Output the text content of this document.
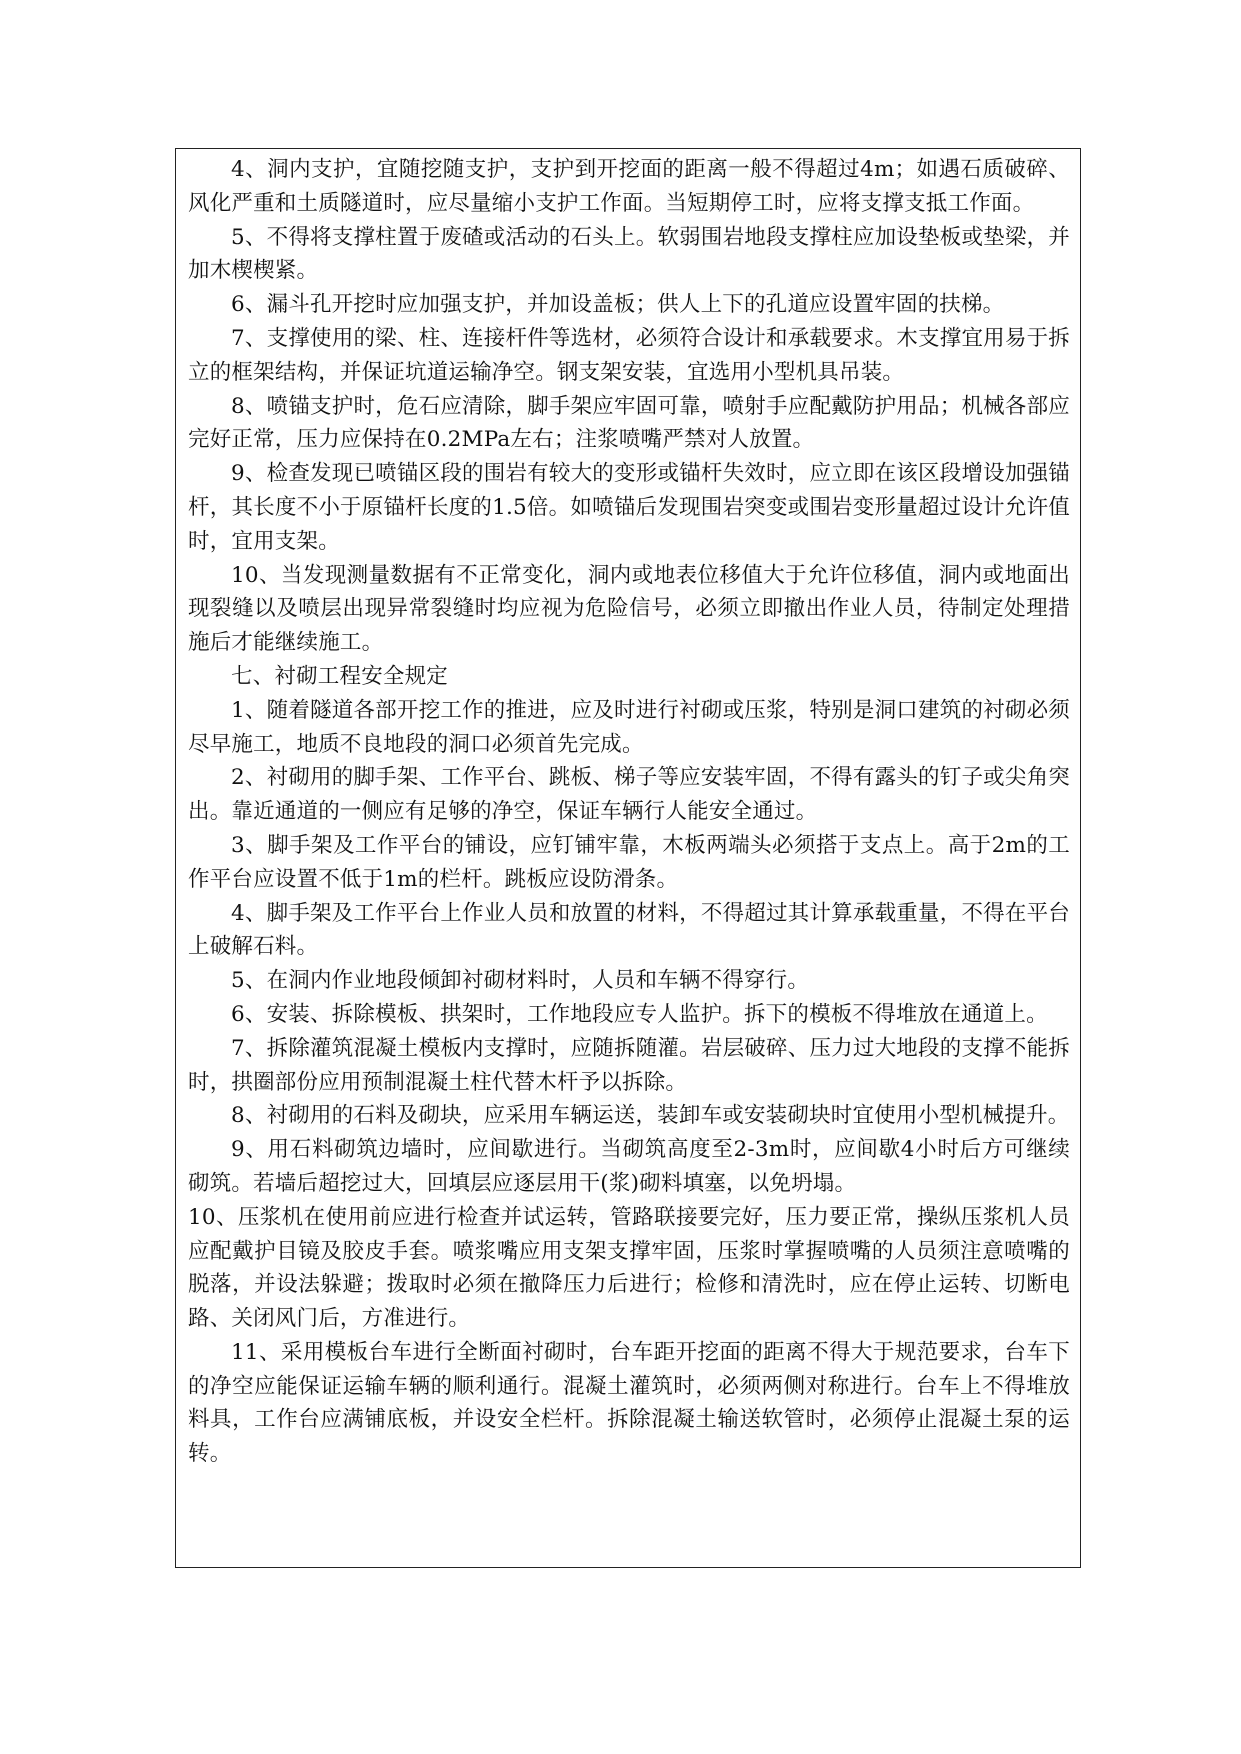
4、洞内支护，宜随挖随支护，支护到开挖面的距离一般不得超过4m；如遇石质破碎、风化严重和土质隧道时，应尽量缩小支护工作面。当短期停工时，应将支撑支抵工作面。

5、不得将支撑柱置于废碴或活动的石头上。软弱围岩地段支撑柱应加设垫板或垫梁，并加木楔楔紧。

6、漏斗孔开挖时应加强支护，并加设盖板；供人上下的孔道应设置牢固的扶梯。

7、支撑使用的梁、柱、连接杆件等选材，必须符合设计和承载要求。木支撑宜用易于拆立的框架结构，并保证坑道运输净空。钢支架安装，宜选用小型机具吊装。

8、喷锚支护时，危石应清除，脚手架应牢固可靠，喷射手应配戴防护用品；机械各部应完好正常，压力应保持在0.2MPa左右；注浆喷嘴严禁对人放置。

9、检查发现已喷锚区段的围岩有较大的变形或锚杆失效时，应立即在该区段增设加强锚杆，其长度不小于原锚杆长度的1.5倍。如喷锚后发现围岩突变或围岩变形量超过设计允许值时，宜用支架。

10、当发现测量数据有不正常变化，洞内或地表位移值大于允许位移值，洞内或地面出现裂缝以及喷层出现异常裂缝时均应视为危险信号，必须立即撤出作业人员，待制定处理措施后才能继续施工。

七、衬砌工程安全规定

1、随着隧道各部开挖工作的推进，应及时进行衬砌或压浆，特别是洞口建筑的衬砌必须尽早施工，地质不良地段的洞口必须首先完成。

2、衬砌用的脚手架、工作平台、跳板、梯子等应安装牢固，不得有露头的钉子或尖角突出。靠近通道的一侧应有足够的净空，保证车辆行人能安全通过。

3、脚手架及工作平台的铺设，应钉铺牢靠，木板两端头必须搭于支点上。高于2m的工作平台应设置不低于1m的栏杆。跳板应设防滑条。

4、脚手架及工作平台上作业人员和放置的材料，不得超过其计算承载重量，不得在平台上破解石料。

5、在洞内作业地段倾卸衬砌材料时，人员和车辆不得穿行。

6、安装、拆除模板、拱架时，工作地段应专人监护。拆下的模板不得堆放在通道上。

7、拆除灌筑混凝土模板内支撑时，应随拆随灌。岩层破碎、压力过大地段的支撑不能拆时，拱圈部份应用预制混凝土柱代替木杆予以拆除。

8、衬砌用的石料及砌块，应采用车辆运送，装卸车或安装砌块时宜使用小型机械提升。

9、用石料砌筑边墙时，应间歇进行。当砌筑高度至2-3m时，应间歇4小时后方可继续砌筑。若墙后超挖过大，回填层应逐层用干(浆)砌料填塞，以免坍塌。

10、压浆机在使用前应进行检查并试运转，管路联接要完好，压力要正常，操纵压浆机人员应配戴护目镜及胶皮手套。喷浆嘴应用支架支撑牢固，压浆时掌握喷嘴的人员须注意喷嘴的脱落，并设法躲避；拨取时必须在撤降压力后进行；检修和清洗时，应在停止运转、切断电路、关闭风门后，方准进行。

11、采用模板台车进行全断面衬砌时，台车距开挖面的距离不得大于规范要求，台车下的净空应能保证运输车辆的顺利通行。混凝土灌筑时，必须两侧对称进行。台车上不得堆放料具，工作台应满铺底板，并设安全栏杆。拆除混凝土输送软管时，必须停止混凝土泵的运转。
